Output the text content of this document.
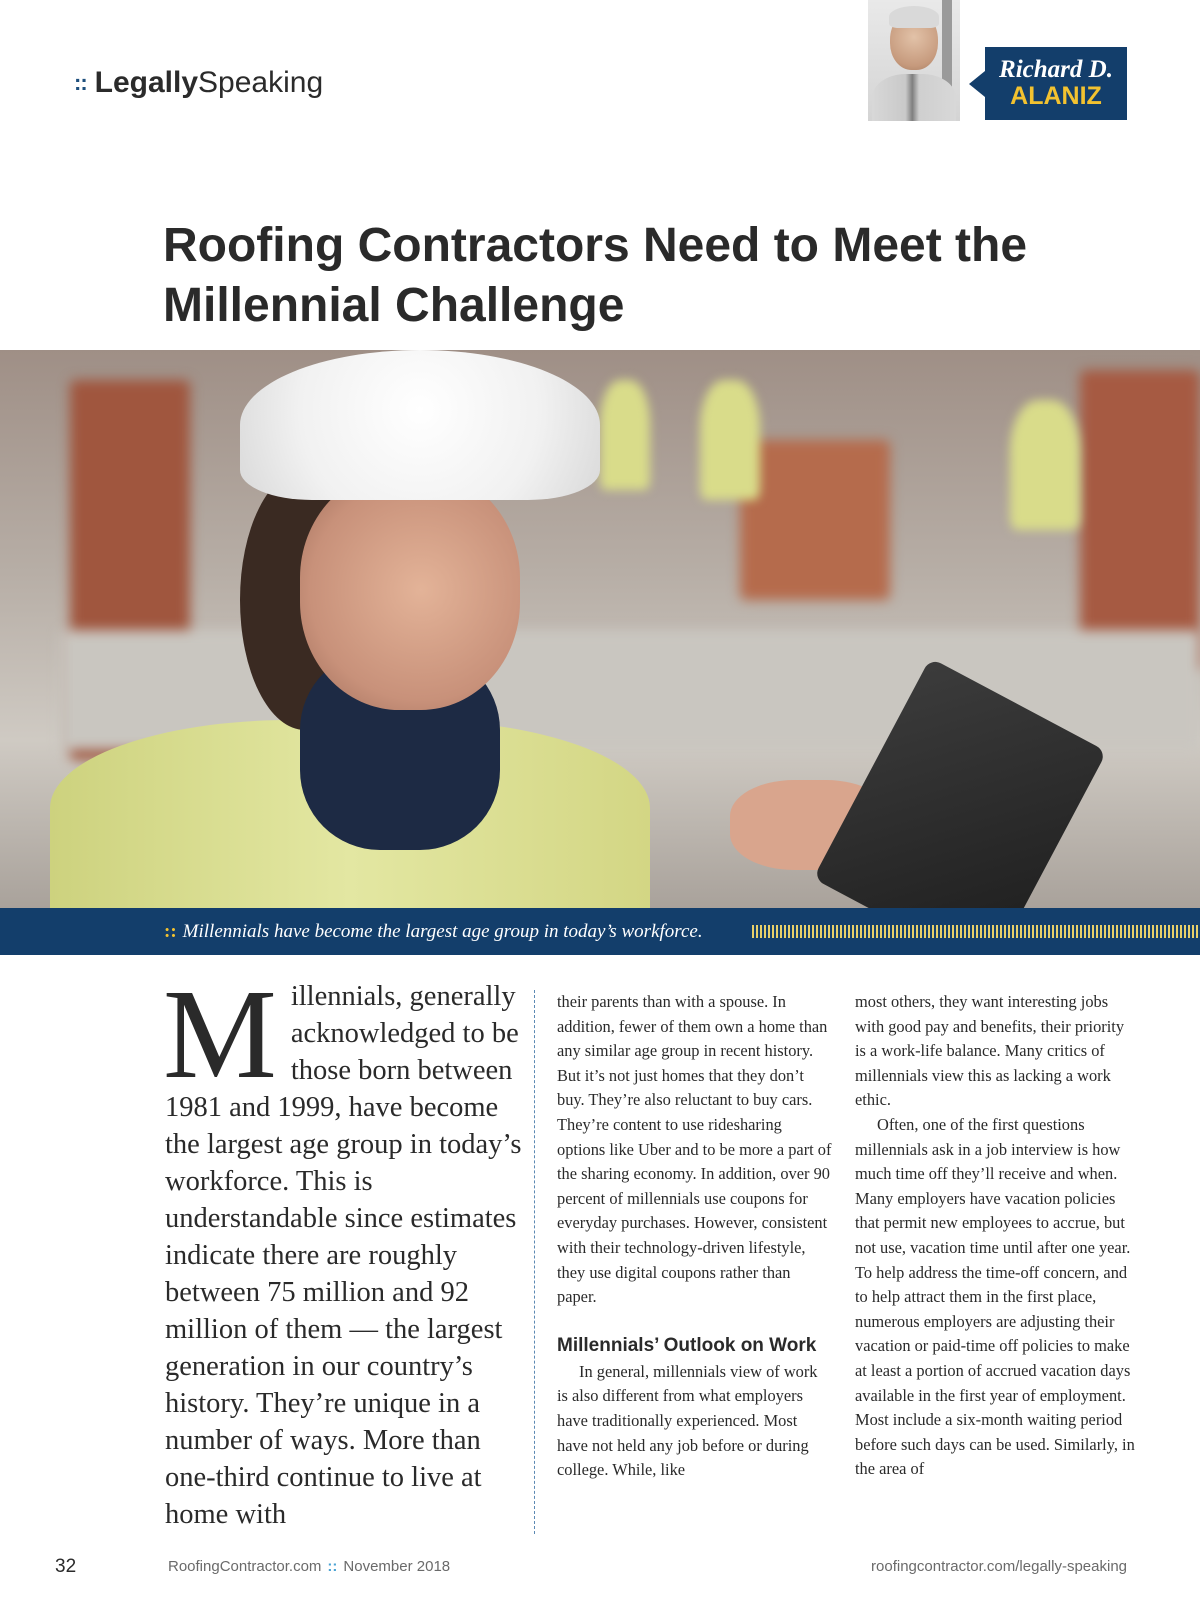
:: LegallySpeaking	Richard D.
ALANIZ
Roofing Contractors Need to Meet the Millennial Challenge
:: Millennials have become the largest age group in today’s workforce.
Millennials, generally acknowledged to be those born between 1981 and 1999, have become the largest age group in today’s workforce. This is understandable since estimates indicate there are roughly between 75 million and 92 million of them — the largest generation in our country’s history. They’re unique in a number of ways. More than one-third continue to live at home with

their parents than with a spouse. In addition, fewer of them own a home than any similar age group in recent history. But it’s not just homes that they don’t buy. They’re also reluctant to buy cars. They’re content to use ridesharing options like Uber and to be more a part of the sharing economy. In addition, over 90 percent of millennials use coupons for everyday purchases. However, consistent with their technology-driven lifestyle, they use digital coupons rather than paper.

Millennials’ Outlook on Work

In general, millennials view of work is also different from what employers have traditionally experienced. Most have not held any job before or during college. While, like

most others, they want interesting jobs with good pay and benefits, their priority is a work-life balance. Many critics of millennials view this as lacking a work ethic.

Often, one of the first questions millennials ask in a job interview is how much time off they’ll receive and when. Many employers have vacation policies that permit new employees to accrue, but not use, vacation time until after one year. To help address the time-off concern, and to help attract them in the first place, numerous employers are adjusting their vacation or paid-time off policies to make at least a portion of accrued vacation days available in the first year of employment. Most include a six-month waiting period before such days can be used. Similarly, in the area of

32	RoofingContractor.com :: November 2018	roofingcontractor.com/legally-speaking
